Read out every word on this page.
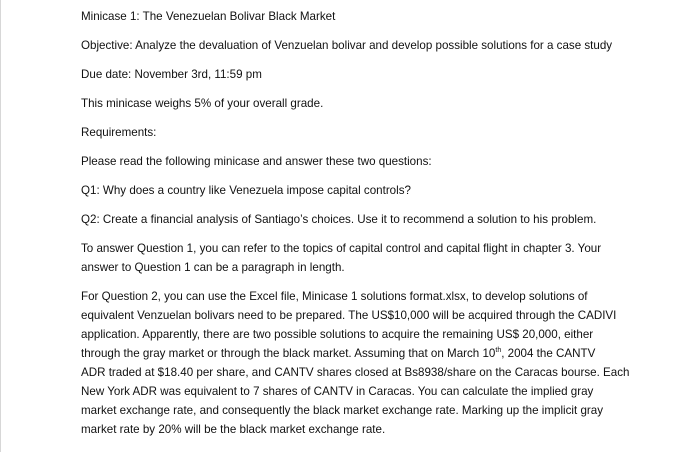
Minicase 1: The Venezuelan Bolivar Black Market

Objective: Analyze the devaluation of Venzuelan bolivar and develop possible solutions for a case study

Due date: November 3rd, 11:59 pm

This minicase weighs 5% of your overall grade.

Requirements:

Please read the following minicase and answer these two questions:

Q1: Why does a country like Venezuela impose capital controls?

Q2: Create a financial analysis of Santiago’s choices. Use it to recommend a solution to his problem.

To answer Question 1, you can refer to the topics of capital control and capital flight in chapter 3. Your

answer to Question 1 can be a paragraph in length.

For Question 2, you can use the Excel file, Minicase 1 solutions format.xlsx, to develop solutions of

equivalent Venzuelan bolivars need to be prepared. The US$10,000 will be acquired through the CADIVI

application. Apparently, there are two possible solutions to acquire the remaining US$ 20,000, either

through the gray market or through the black market. Assuming that on March 10th, 2004 the CANTV

ADR traded at $18.40 per share, and CANTV shares closed at Bs8938/share on the Caracas bourse. Each

New York ADR was equivalent to 7 shares of CANTV in Caracas. You can calculate the implied gray

market exchange rate, and consequently the black market exchange rate. Marking up the implicit gray

market rate by 20% will be the black market exchange rate.
